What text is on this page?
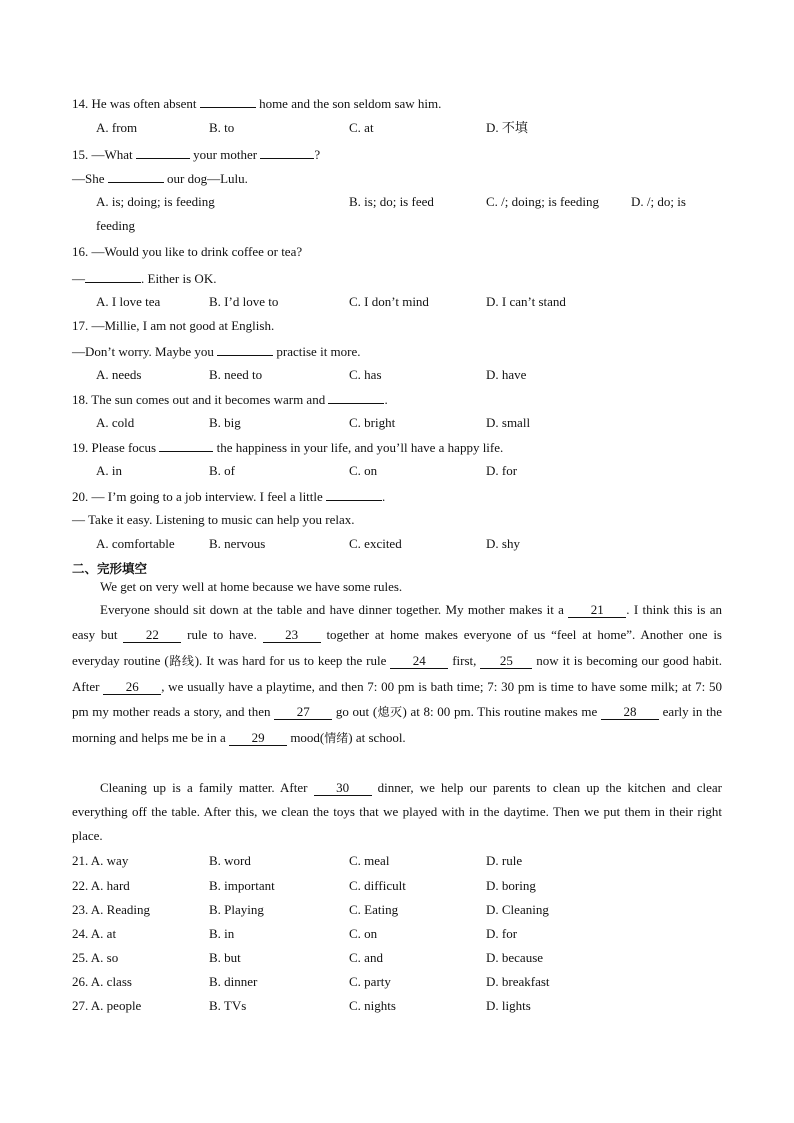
14. He was often absent	home and the son seldom saw him.
A. from	B. to	C. at	D. 不填
15. —What	your mother	?
—She	our dog—Lulu.
A. is; doing; is feeding	B. is; do; is feed	C. /; doing; is feeding D. /; do; is
feeding
16. —Would you like to drink coffee or tea?
—	. Either is OK.
A. I love tea	B. I’d love to	C. I don’t mind	D. I can’t stand
17. —Millie, I am not good at English.
—Don’t worry. Maybe you	practise it more.
A. needs	B. need to	C. has	D. have
18. The sun comes out and it becomes warm and	.
A. cold	B. big	C. bright	D. small
19. Please focus	the happiness in your life, and you’ll have a happy life.
A. in	B. of	C. on	D. for
20. — I’m going to a job interview. I feel a little	.
— Take it easy. Listening to music can help you relax.
A. comfortable	B. nervous	C. excited	D. shy
二、完形填空
We get on very well at home because we have some rules.
Everyone should sit down at the table and have dinner together. My mother makes it a 21 . I think this is an easy but 22 rule to have. 23 together at home makes everyone of us “feel at home”. Another one is everyday routine (路线). It was hard for us to keep the rule 24 first, 25 now it is becoming our good habit. After 26 , we usually have a playtime, and then 7: 00 pm is bath time; 7: 30 pm is time to have some milk; at 7: 50 pm my mother reads a story, and then 27 go out (熄灭) at 8: 00 pm. This routine makes me 28 early in the morning and helps me be in a 29 mood(情绪) at school.
Cleaning up is a family matter. After 30 dinner, we help our parents to clean up the kitchen and clear everything off the table. After this, we clean the toys that we played with in the daytime. Then we put them in their right place.
21. A. way	B. word	C. meal	D. rule
22. A. hard	B. important	C. difficult	D. boring
23. A. Reading	B. Playing	C. Eating	D. Cleaning
24. A. at	B. in	C. on	D. for
25. A. so	B. but	C. and	D. because
26. A. class	B. dinner	C. party	D. breakfast
27. A. people	B. TVs	C. nights	D. lights
